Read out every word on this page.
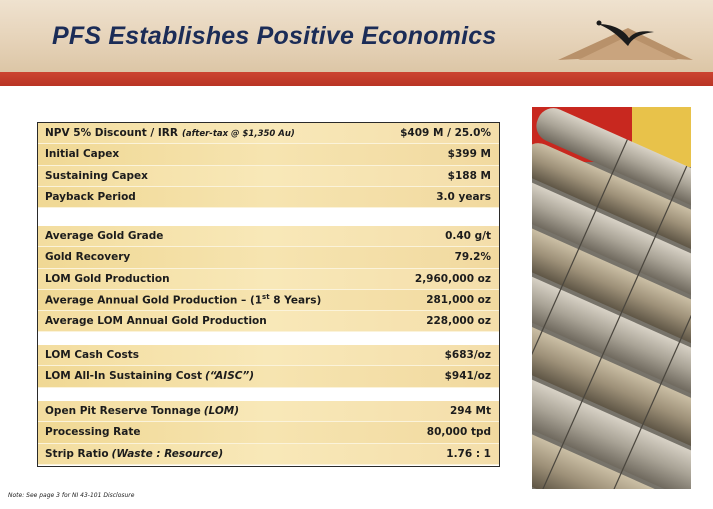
PFS Establishes Positive Economics
NPV 5% Discount / IRR (after-tax @ $1,350 Au)	$409 M / 25.0%
Initial Capex	$399 M
Sustaining Capex	$188 M
Payback Period	3.0 years
Average Gold Grade	0.40 g/t
Gold Recovery	79.2%
LOM Gold Production	2,960,000 oz
Average Annual Gold Production – (1st 8 Years)	281,000 oz
Average LOM Annual Gold Production	228,000 oz
LOM Cash Costs	$683/oz
LOM All-In Sustaining Cost (“AISC”)	$941/oz
Open Pit Reserve Tonnage (LOM)	294 Mt
Processing Rate	80,000 tpd
Strip Ratio (Waste : Resource)	1.76 : 1
Note: See page 3 for NI 43-101 Disclosure
